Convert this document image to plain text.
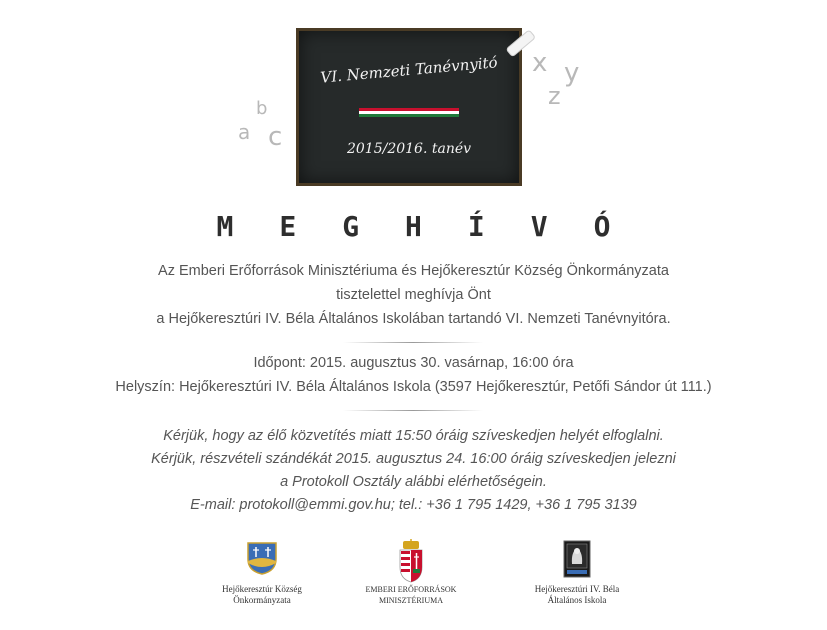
VI. Nemzeti Tanévnyitó
2015/2016. tanév
a
b
c
x y
z
MEGHÍVÓ
Az Emberi Erőforrások Minisztériuma és Hejőkeresztúr Község Önkormányzata
tisztelettel meghívja Önt
a Hejőkeresztúri IV. Béla Általános Iskolában tartandó VI. Nemzeti Tanévnyitóra.
Időpont: 2015. augusztus 30. vasárnap, 16:00 óra
Helyszín: Hejőkeresztúri IV. Béla Általános Iskola (3597 Hejőkeresztúr, Petőfi Sándor út 111.)
Kérjük, hogy az élő közvetítés miatt 15:50 óráig szíveskedjen helyét elfoglalni.
Kérjük, részvételi szándékát 2015. augusztus 24. 16:00 óráig szíveskedjen jelezni
a Protokoll Osztály alábbi elérhetőségein.
E-mail: protokoll@emmi.gov.hu; tel.: +36 1 795 1429, +36 1 795 3139
Hejőkeresztúr Község
Önkormányzata
EMBERI ERŐFORRÁSOK
MINISZTÉRIUMA
Hejőkeresztúri IV. Béla
Általános Iskola
